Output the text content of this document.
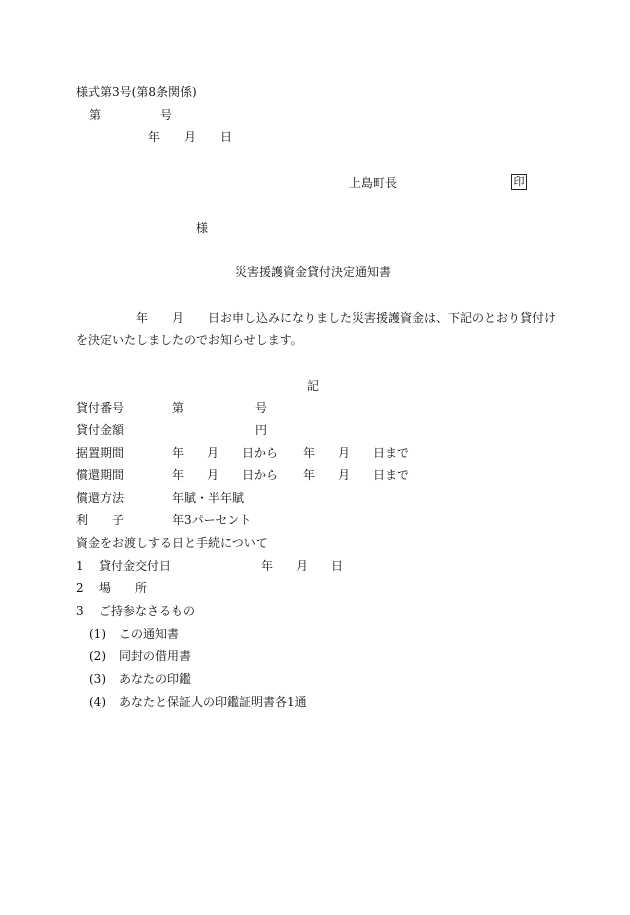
様式第3号(第8条関係)
第	号
年 月 日
上島町長	印
様
災害援護資金貸付決定通知書
年 月 日お申し込みになりました災害援護資金は、下記のとおり貸付け
を決定いたしましたのでお知らせします。
記
貸付番号	第	号
貸付金額	円
据置期間	年 月 日から 年 月 日まで
償還期間	年 月 日から 年 月 日まで
償還方法	年賦・半年賦
利　　子	年3パーセント
資金をお渡しする日と手続について
1 貸付金交付日	年 月 日
2 場　　所
3 ご持参なさるもの
(1) この通知書
(2) 同封の借用書
(3) あなたの印鑑
(4) あなたと保証人の印鑑証明書各1通
